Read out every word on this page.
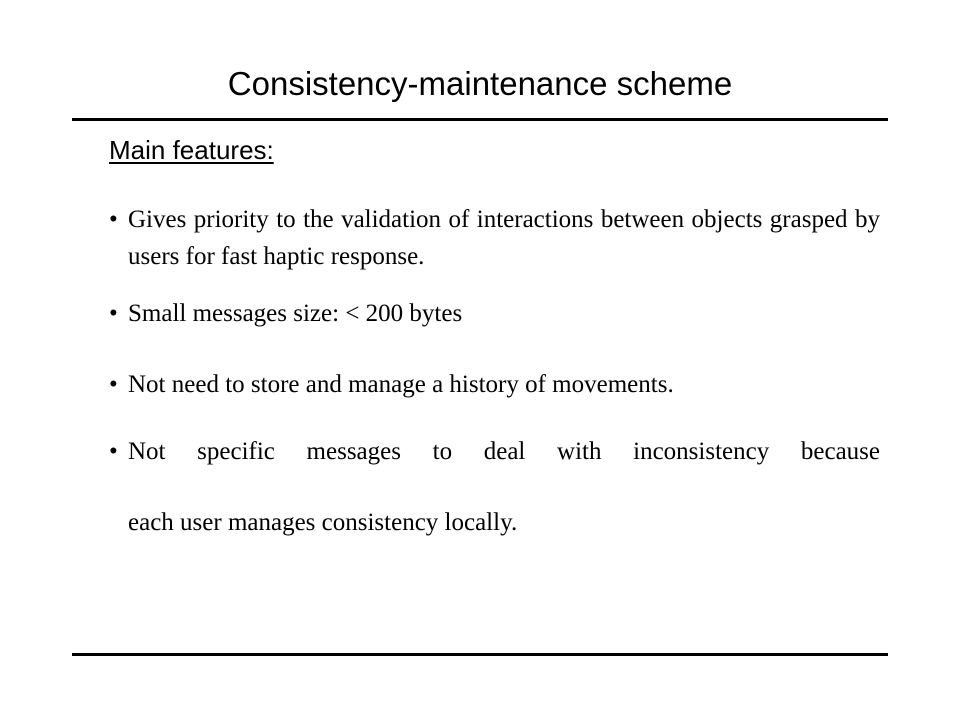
Consistency-maintenance scheme
Main features:
• Gives priority to the validation of interactions between objects grasped by users for fast haptic response.
• Small messages size: < 200 bytes
• Not need to store and manage a history of movements.
• Not specific messages to deal with inconsistency because
each user manages consistency locally.
